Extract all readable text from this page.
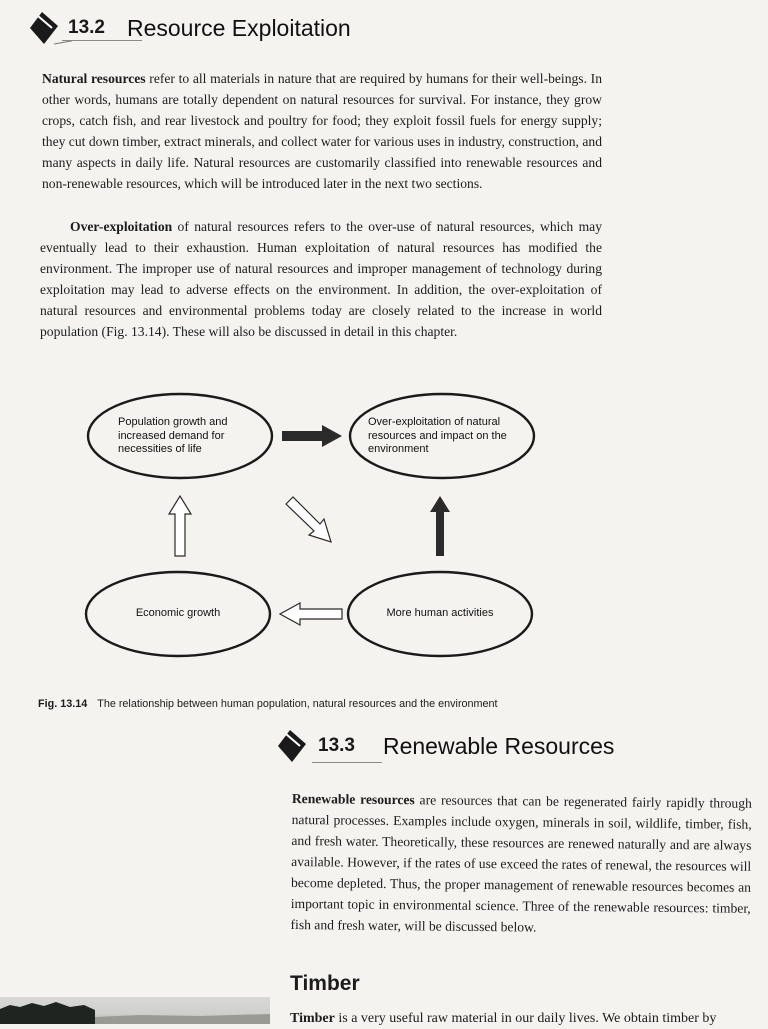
13.2 Resource Exploitation
Natural resources refer to all materials in nature that are required by humans for their well-beings. In other words, humans are totally dependent on natural resources for survival. For instance, they grow crops, catch fish, and rear livestock and poultry for food; they exploit fossil fuels for energy supply; they cut down timber, extract minerals, and collect water for various uses in industry, construction, and many aspects in daily life. Natural resources are customarily classified into renewable resources and non-renewable resources, which will be introduced later in the next two sections.
Over-exploitation of natural resources refers to the over-use of natural resources, which may eventually lead to their exhaustion. Human exploitation of natural resources has modified the environment. The improper use of natural resources and improper management of technology during exploitation may lead to adverse effects on the environment. In addition, the over-exploitation of natural resources and environmental problems today are closely related to the increase in world population (Fig. 13.14). These will also be discussed in detail in this chapter.
Population growth and increased demand for necessities of life
Over-exploitation of natural resources and impact on the environment
Economic growth	More human activities
Fig. 13.14 The relationship between human population, natural resources and the environment
13.3 Renewable Resources
Renewable resources are resources that can be regenerated fairly rapidly through natural processes. Examples include oxygen, minerals in soil, wildlife, timber, fish, and fresh water. Theoretically, these resources are renewed naturally and are always available. However, if the rates of use exceed the rates of renewal, the resources will become depleted. Thus, the proper management of renewable resources becomes an important topic in environmental science. Three of the renewable resources: timber, fish and fresh water, will be discussed below.
Timber
Timber is a very useful raw material in our daily lives. We obtain timber by
